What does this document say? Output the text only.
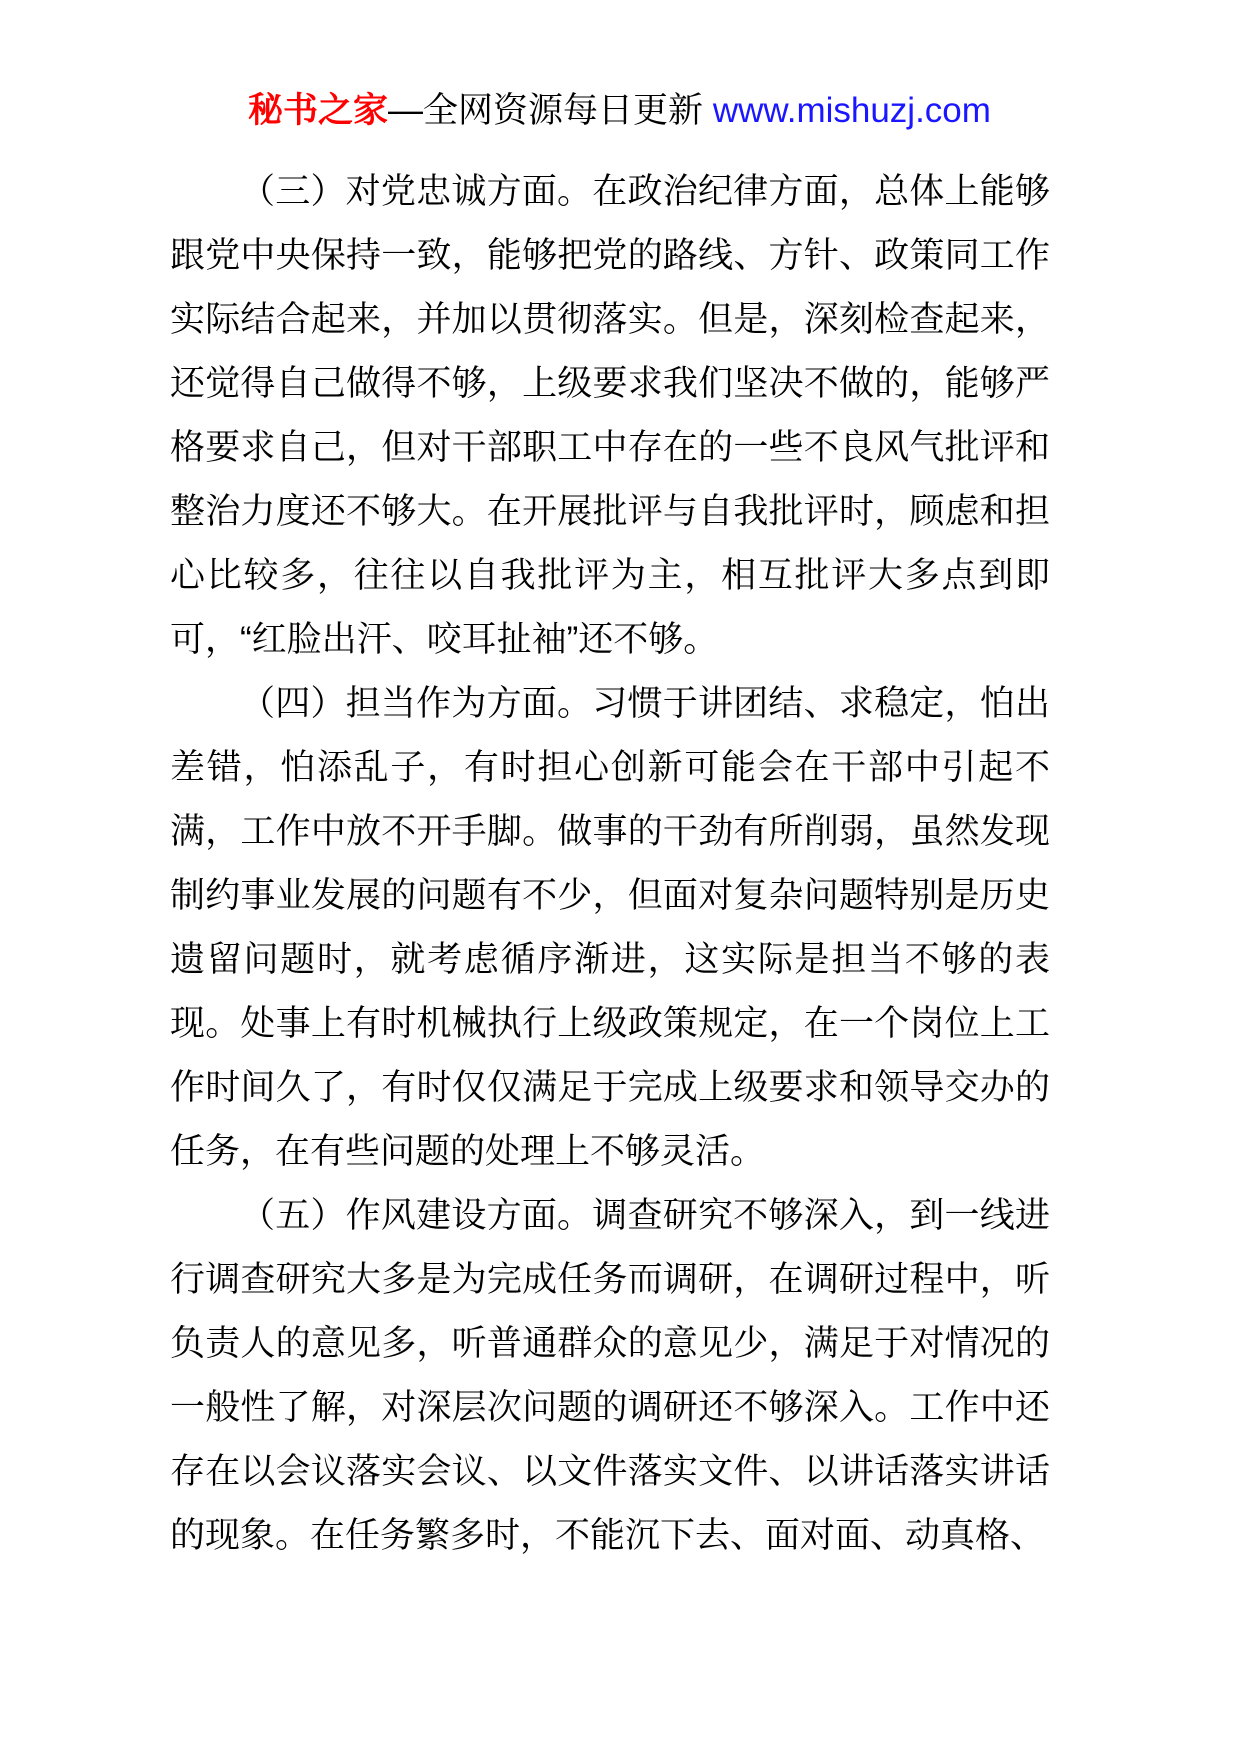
秘书之家—全网资源每日更新 www.mishuzj.com

（三）对党忠诚方面。在政治纪律方面，总体上能够跟党中央保持一致，能够把党的路线、方针、政策同工作实际结合起来，并加以贯彻落实。但是，深刻检查起来，还觉得自己做得不够，上级要求我们坚决不做的，能够严格要求自己，但对干部职工中存在的一些不良风气批评和整治力度还不够大。在开展批评与自我批评时，顾虑和担心比较多，往往以自我批评为主，相互批评大多点到即可，“红脸出汗、咬耳扯袖”还不够。

（四）担当作为方面。习惯于讲团结、求稳定，怕出差错，怕添乱子，有时担心创新可能会在干部中引起不满，工作中放不开手脚。做事的干劲有所削弱，虽然发现制约事业发展的问题有不少，但面对复杂问题特别是历史遗留问题时，就考虑循序渐进，这实际是担当不够的表现。处事上有时机械执行上级政策规定，在一个岗位上工作时间久了，有时仅仅满足于完成上级要求和领导交办的任务，在有些问题的处理上不够灵活。

（五）作风建设方面。调查研究不够深入，到一线进行调查研究大多是为完成任务而调研，在调研过程中，听负责人的意见多，听普通群众的意见少，满足于对情况的一般性了解，对深层次问题的调研还不够深入。工作中还存在以会议落实会议、以文件落实文件、以讲话落实讲话的现象。在任务繁多时，不能沉下去、面对面、动真格、
